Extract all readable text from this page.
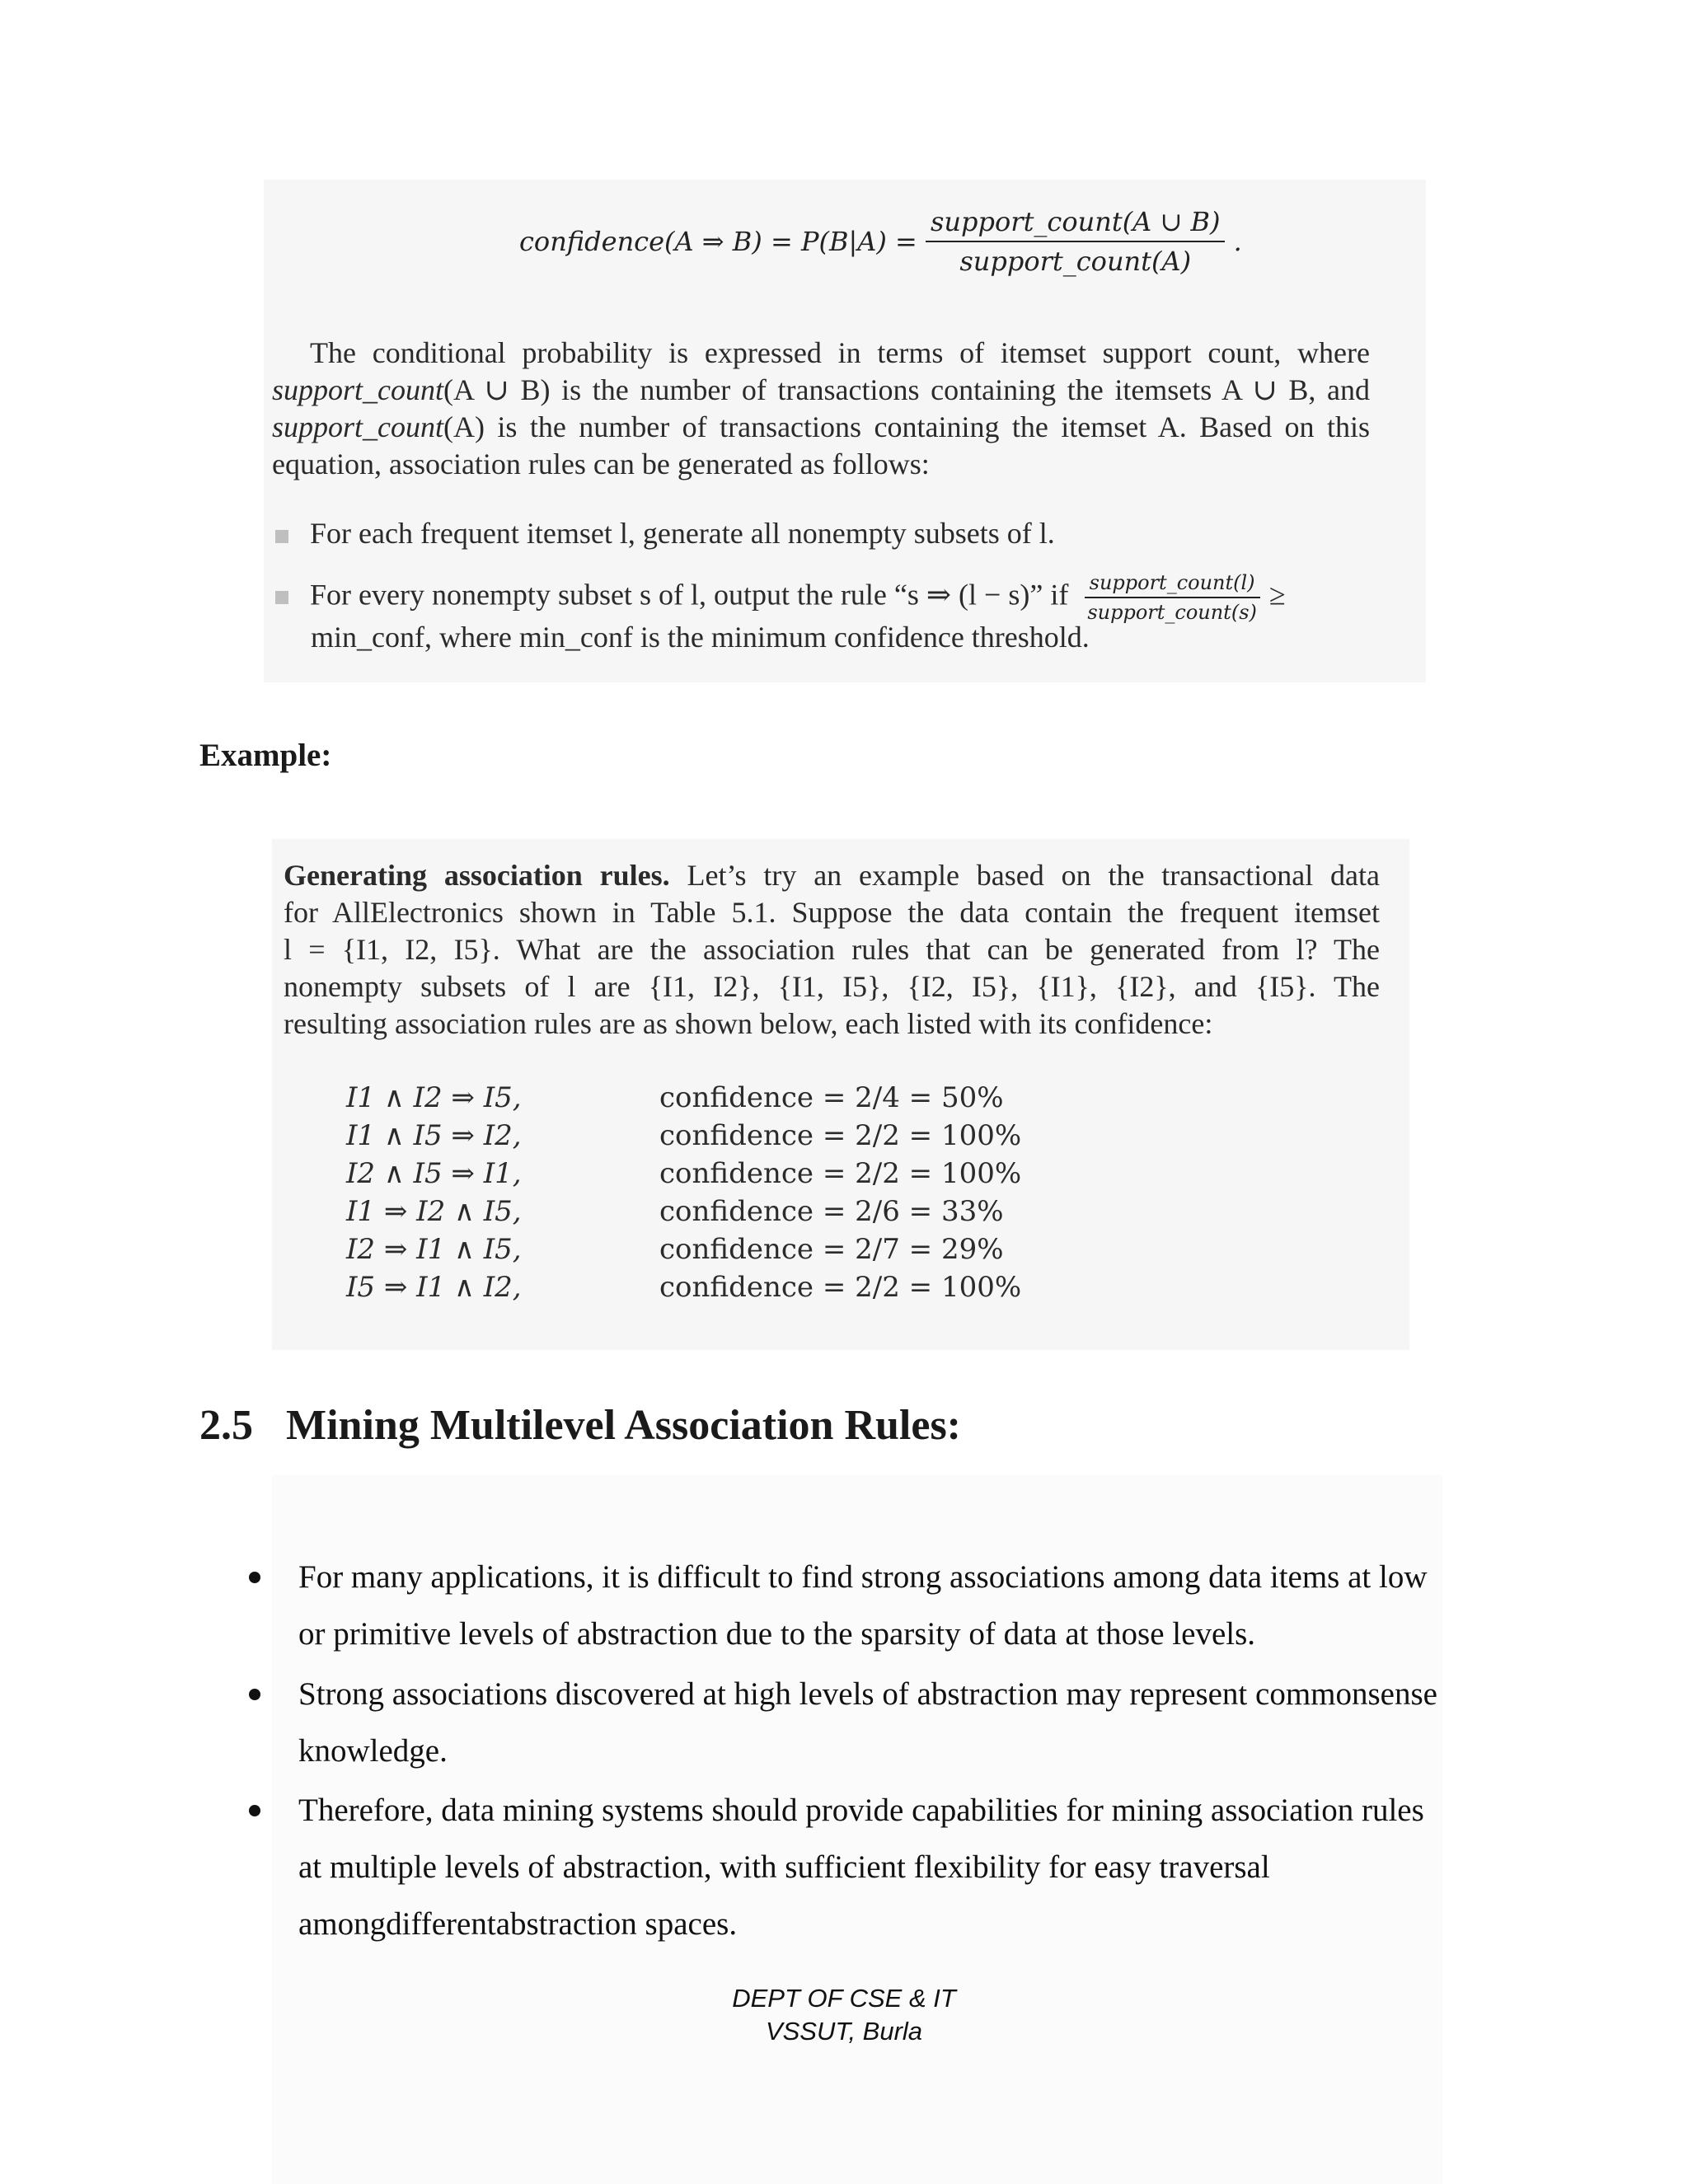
confidence(A ⇒ $B) = P(B|A) = \frac{\text{support\_count(A ∪ B)}}{\text{support\_count(A)}}$ .
The conditional probability is expressed in terms of itemset support count, where
support_count(A ∪ B) is the number of transactions containing the itemsets A ∪ B, and
support_count(A) is the number of transactions containing the itemset A. Based on this
equation, association rules can be generated as follows:
For each frequent itemset l, generate all nonempty subsets of l.
For every nonempty subset s of l, output the rule “s ⇒ (l − s)” if $\frac{\text{support\_count(l)}}{\text{support\_count(s)}}$ ≥
min_conf, where min_conf is the minimum confidence threshold.
Example:
Generating association rules. Let’s try an example based on the transactional data
for AllElectronics shown in Table 5.1. Suppose the data contain the frequent itemset
l = {I1, I2, I5}. What are the association rules that can be generated from l? The
nonempty subsets of l are {I1, I2}, {I1, I5}, {I2, I5}, {I1}, {I2}, and {I5}. The
resulting association rules are as shown below, each listed with its confidence:
I1 ∧ I2 ⇒ I5,	confidence = 2/4 = 50%
I1 ∧ I5 ⇒ I2,	confidence = 2/2 = 100%
I2 ∧ I5 ⇒ I1,	confidence = 2/2 = 100%
I1 ⇒ I2 ∧ I5,	confidence = 2/6 = 33%
I2 ⇒ I1 ∧ I5,	confidence = 2/7 = 29%
I5 ⇒ I1 ∧ I2,	confidence = 2/2 = 100%
2.5 Mining Multilevel Association Rules:
For many applications, it is difficult to find strong associations among data items at low
or primitive levels of abstraction due to the sparsity of data at those levels.
Strong associations discovered at high levels of abstraction may represent commonsense
knowledge.
Therefore, data mining systems should provide capabilities for mining association rules
at multiple levels of abstraction, with sufficient flexibility for easy traversal
amongdifferentabstraction spaces.
DEPT OF CSE & IT
VSSUT, Burla
